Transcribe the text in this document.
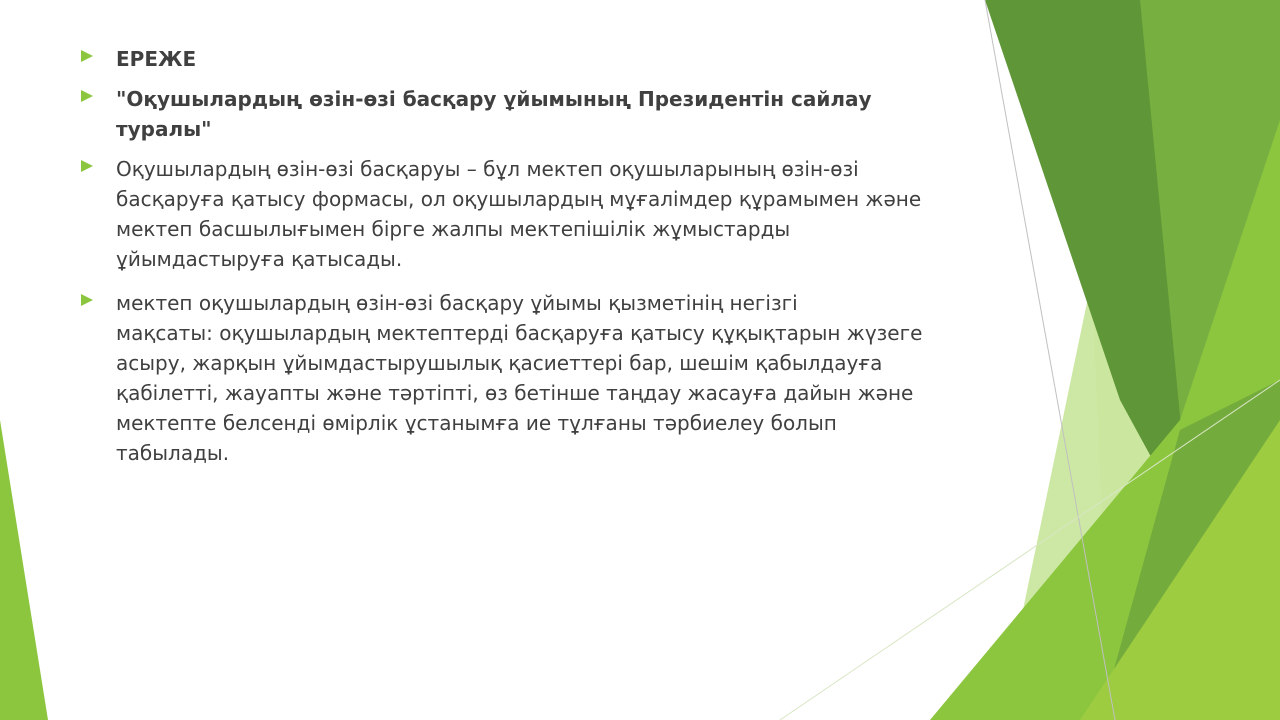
ЕРЕЖЕ
"Оқушылардың өзін-өзі басқару ұйымының Президентін сайлау туралы"
Оқушылардың өзін-өзі басқаруы – бұл мектеп оқушыларының өзін-өзі
басқаруға қатысу формасы, ол оқушылардың мұғалімдер құрамымен және
мектеп басшылығымен бірге жалпы мектепішілік жұмыстарды
ұйымдастыруға қатысады.
мектеп оқушылардың өзін-өзі басқару ұйымы қызметінің негізгі
мақсаты: оқушылардың мектептерді басқаруға қатысу құқықтарын жүзеге
асыру, жарқын ұйымдастырушылық қасиеттері бар, шешім қабылдауға
қабілетті, жауапты және тәртіпті, өз бетінше таңдау жасауға дайын және
мектепте белсенді өмірлік ұстанымға ие тұлғаны тәрбиелеу болып
табылады.
